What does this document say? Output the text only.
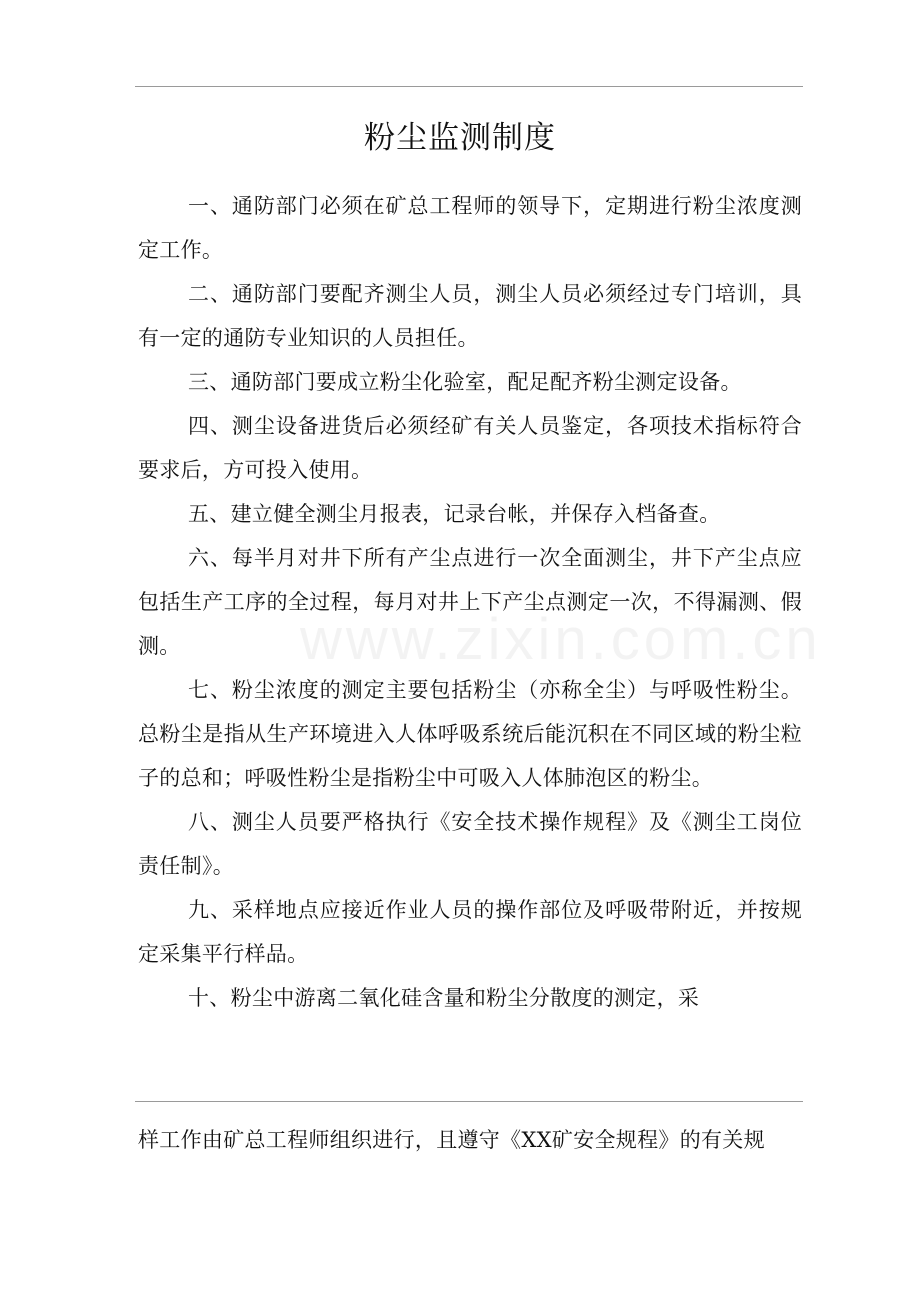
粉尘监测制度

一、通防部门必须在矿总工程师的领导下，定期进行粉尘浓度测定工作。

二、通防部门要配齐测尘人员，测尘人员必须经过专门培训，具有一定的通防专业知识的人员担任。

三、通防部门要成立粉尘化验室，配足配齐粉尘测定设备。

四、测尘设备进货后必须经矿有关人员鉴定，各项技术指标符合要求后，方可投入使用。

五、建立健全测尘月报表，记录台帐，并保存入档备查。

六、每半月对井下所有产尘点进行一次全面测尘，井下产尘点应包括生产工序的全过程，每月对井上下产尘点测定一次，不得漏测、假测。

七、粉尘浓度的测定主要包括粉尘（亦称全尘）与呼吸性粉尘。总粉尘是指从生产环境进入人体呼吸系统后能沉积在不同区域的粉尘粒子的总和；呼吸性粉尘是指粉尘中可吸入人体肺泡区的粉尘。

八、测尘人员要严格执行《安全技术操作规程》及《测尘工岗位责任制》。

九、采样地点应接近作业人员的操作部位及呼吸带附近，并按规定采集平行样品。

十、粉尘中游离二氧化硅含量和粉尘分散度的测定，采

www.zixin.com.cn

样工作由矿总工程师组织进行，且遵守《XX矿安全规程》的有关规
